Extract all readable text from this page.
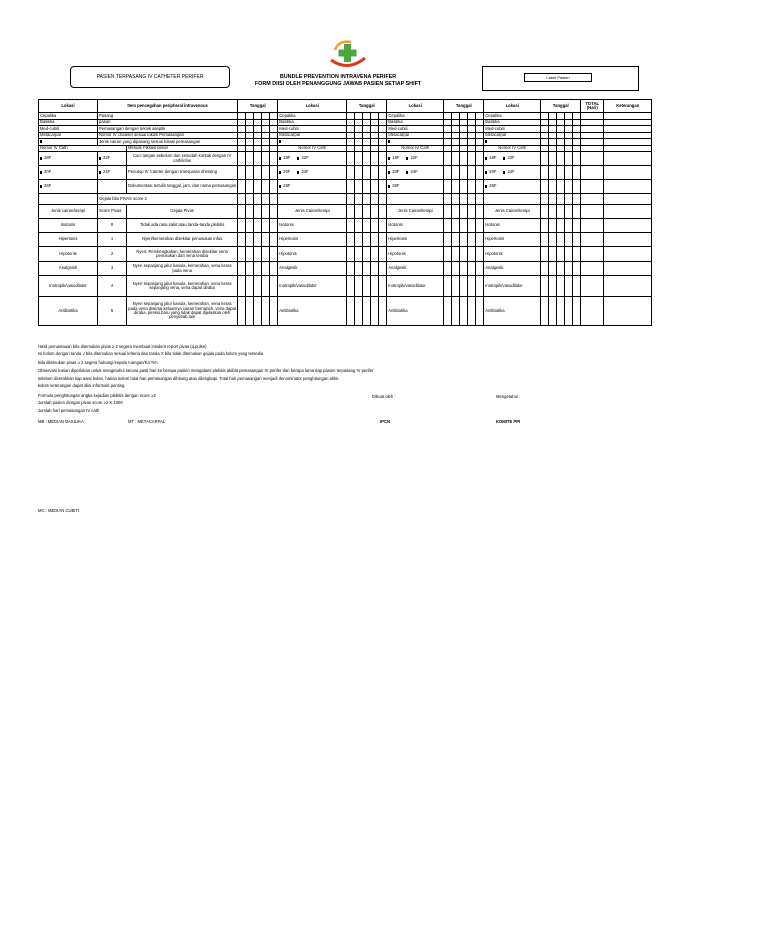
PASIEN TERPASANG IV CATHETER PERIFER	BUNDLE PREVENTION INTRAVENA PERIFER
FORM DIISI OLEH PENANGGUNG JAWAB PASIEN SETIAP SHIFT
Label Pasien
Lokasi	Item pencegahan peripheral intravenous		Tanggal					Lokasi	Tanggal					Lokasi	Tanggal					Lokasi	Tanggal					TOTAL (Hari)	Keterangan
Cepalika	Pasang							Cepalika						Cepalika						Cepalika							
Basilika	pasan							Basilika						Basilika						Basilika							
Med-cubiti	Pemasangan dengan teknik aseptik							Med-cubiti						Med-cubiti						Med-cubiti							
Metacarpal	Nomor IV chateter sesuai lokasi Pemasangan							Metacarpal						Metacarpal						Metacarpal							
	Jenis cairan yang dipasang sesuai lokasi pemasangan																										
Nomor IV Cath		Metode Fiksasi benar						Nomor IV Cath						Nomor IV Cath						Nomor IV Cath							
18F	22F	Cuci tangan sebelum dan sesudah kontak dengan IV cath/infus						18F 22F						18F 22F						18F 22F							
20F	24F	Penutup IV Cateter dengan transparan dressing						20F 24F						20F 24F						20F 24F							
26F		Dokumentasi tertulis tanggal, jam, dan nama pemasangan						26F						26F						26F							
	Gejala bila PIVAS score 2																										
Jenis cairan/terapi	Score Pivas	Gejala Pivas						Jenis Cairan/terapi						Jenis Cairan/terapi						Jenis Cairan/terapi							
Isotonis	0	Tidak ada rasa sakit atau tanda-tanda plebitis						Isotonis						Isotonis						Isotonis							
Hipertonis	1	Nyeri/kemerahan disekitar penusukan infus						Hipertonis						Hipertonis						Hipertonis							
Hipotonis	2	Nyeri, Pembengkakan, kemerahan disekitar vena penusukan dan vena teraba						Hipotonis						Hipotonis						Hipotonis							
Analgesik	3	Nyeri sepanjang jalur kanula, kemerahan, vena keras pada vena						Analgesik						Analgesik						Analgesik							
Inotropik/vasodilator	4	Nyeri sepanjang jalur kanula, kemerahan, vena keras sepanjang vena, vena dapat diraba						Inotropik/vasodilator						Inotropik/vasodilator						Inotropik/vasodilator							
Antibiotika	5	Nyeri sepanjang jalur kanula, kemerahan, vena keras pada vena disertai keluarnya cairan bernanah, vena dapat diraba, pireksi baru yang tidak dapat dijelaskan oleh penyebab lain						Antibiotika						Antibiotika						Antibiotika							
Hasil pemantauan bila ditemukan pivas ≥ 2 segera membuat insident report pivas (q.pulse)
Isi kolom dengan tanda √ bila ditemukan sesuai kriteria dan tanda X bila tidak ditemukan gejala pada kolom yang tersedia
Bila ditemukan pivas ≥ 2 segera hubungi kepala ruangan/Ka Tim
Observasi harian diperlukan untuk mengetahui secara pasti hari ke berapa pasien mengalami plebitis akibat pemasangan IV perifer dan berapa lama tiap pasien terpasang IV perifer
selelum dicetahkan tiap awal bulan, harian kolom total hari pemasangan dihitung atau dilengkapi. Total hari pemasangan menjadi denominator penghitungan akhir.
kolom keterangan dapat diisi informasi penting.
Formula penghitungan angka kejadian plebitis dengan score ≥2
Jumlah pasien dengan pivas score ≥2 X 1000
Jumlah hari pemasangan IV cath
Dibuat oleh :	Mengetahui :
MB : MEDIAN BASILIKA	MT : METACARPAL	IPCN	KOMITE PPI
MC : MEDIAN CUBITI
